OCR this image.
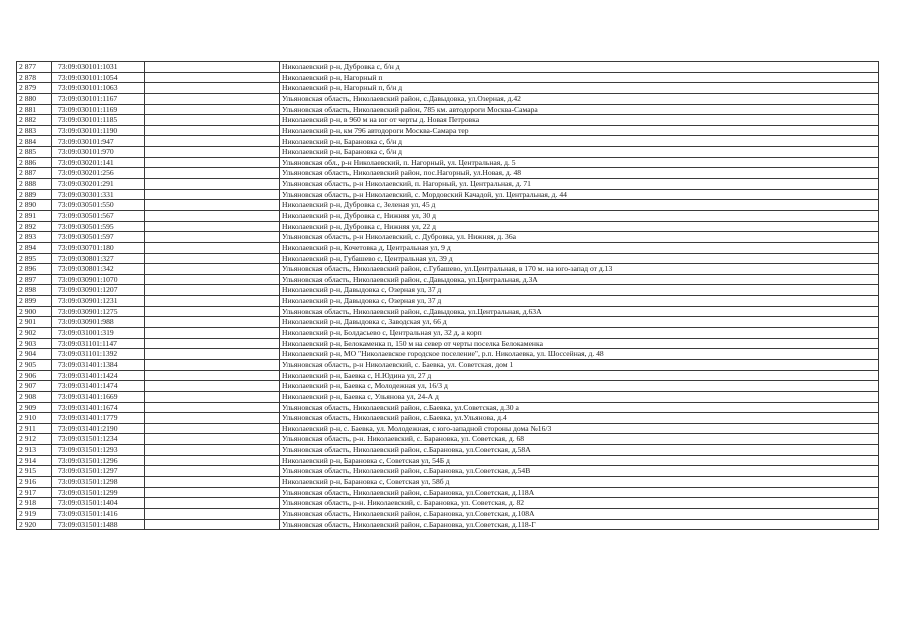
2 877	73:09:030101:1031		Николаевский р-н, Дубровка с, б/н д
2 878	73:09:030101:1054		Николаевский р-н, Нагорный п
2 879	73:09:030101:1063		Николаевский р-н, Нагорный п, б/н д
2 880	73:09:030101:1167		Ульяновская область, Николаевский район, с.Давыдовка, ул.Озерная, д.42
2 881	73:09:030101:1169		Ульяновская область, Николаевский район, 785 км. автодороги Москва-Самара
2 882	73:09:030101:1185		Николаевский р-н, в 960 м на юг от черты д. Новая Петровка
2 883	73:09:030101:1190		Николаевский р-н, км 796 автодороги Москва-Самара тер
2 884	73:09:030101:947		Николаевский р-н, Барановка с, б/н д
2 885	73:09:030101:970		Николаевский р-н, Барановка с, б/н д
2 886	73:09:030201:141		Ульяновская обл., р-н Николаевский, п. Нагорный, ул. Центральная, д. 5
2 887	73:09:030201:256		Ульяновская область, Николаевский район, пос.Нагорный, ул.Новая, д. 48
2 888	73:09:030201:291		Ульяновская область, р-н Николаевский, п. Нагорный, ул. Центральная, д. 71
2 889	73:09:030301:331		Ульяновская область, р-н Николаевский, с. Мордовский Качадой, ул. Центральная, д. 44
2 890	73:09:030501:550		Николаевский р-н, Дубровка с, Зеленая ул, 45 д
2 891	73:09:030501:567		Николаевский р-н, Дубровка с, Нижняя ул, 30 д
2 892	73:09:030501:595		Николаевский р-н, Дубровка с, Нижняя ул, 22 д
2 893	73:09:030501:597		Ульяновская область, р-н Николаевский, с. Дубровка, ул. Нижняя, д. 36а
2 894	73:09:030701:180		Николаевский р-н, Кочетовка д, Центральная ул, 9 д
2 895	73:09:030801:327		Николаевский р-н, Губашево с, Центральная ул, 39 д
2 896	73:09:030801:342		Ульяновская область, Николаевский район, с.Губашево, ул.Центральная, в 170 м. на юго-запад от д.13
2 897	73:09:030901:1070		Ульяновская область, Николаевский район, с.Давыдовка, ул.Центральная, д.3А
2 898	73:09:030901:1207		Николаевский р-н, Давыдовка с, Озерная ул, 37 д
2 899	73:09:030901:1231		Николаевский р-н, Давыдовка с, Озерная ул, 37 д
2 900	73:09:030901:1275		Ульяновская область, Николаевский район, с.Давыдовка, ул.Центральная, д.63А
2 901	73:09:030901:988		Николаевский р-н, Давыдовка с, Заводская ул, 66 д
2 902	73:09:031001:319		Николаевский р-н, Болдасьево с, Центральная ул, 32 д, а корп
2 903	73:09:031101:1147		Николаевский р-н, Белокаменка п, 150 м на север от черты поселка Белокаменка
2 904	73:09:031101:1392		Николаевский р-н, МО "Николаевское городское поселение", р.п. Николаевка, ул. Шоссейная, д. 48
2 905	73:09:031401:1384		Ульяновская область, р-н Николаевский, с. Баевка, ул. Советская, дом 1
2 906	73:09:031401:1424		Николаевский р-н, Баевка с, Н.Юдина ул, 27 д
2 907	73:09:031401:1474		Николаевский р-н, Баевка с, Молодежная ул, 16/3 д
2 908	73:09:031401:1669		Николаевский р-н, Баевка с, Ульянова ул, 24-А д
2 909	73:09:031401:1674		Ульяновская область, Николаевский район, с.Баевка, ул.Советская, д.30 а
2 910	73:09:031401:1779		Ульяновская область, Николаевский район, с.Баевка, ул.Ульянова, д.4
2 911	73:09:031401:2190		Николаевский р-н, с. Баевка, ул. Молодежная, с юго-западной стороны дома №16/3
2 912	73:09:031501:1234		Ульяновская область, р-н. Николаевский, с. Барановка, ул. Советская, д. 68
2 913	73:09:031501:1293		Ульяновская область, Николаевский район, с.Барановка, ул.Советская, д.58А
2 914	73:09:031501:1296		Николаевский р-н, Барановка с, Советская ул, 54Б д
2 915	73:09:031501:1297		Ульяновская область, Николаевский район, с.Барановка, ул.Советская, д.54В
2 916	73:09:031501:1298		Николаевский р-н, Барановка с, Советская ул, 58б д
2 917	73:09:031501:1299		Ульяновская область, Николаевский район, с.Барановка, ул.Советская, д.118А
2 918	73:09:031501:1404		Ульяновская область, р-н. Николаевский, с. Барановка, ул. Советская, д. 82
2 919	73:09:031501:1416		Ульяновская область, Николаевский район, с.Барановка, ул.Советская, д.108А
2 920	73:09:031501:1488		Ульяновская область, Николаевский район, с.Барановка, ул.Советская, д.118-Г
